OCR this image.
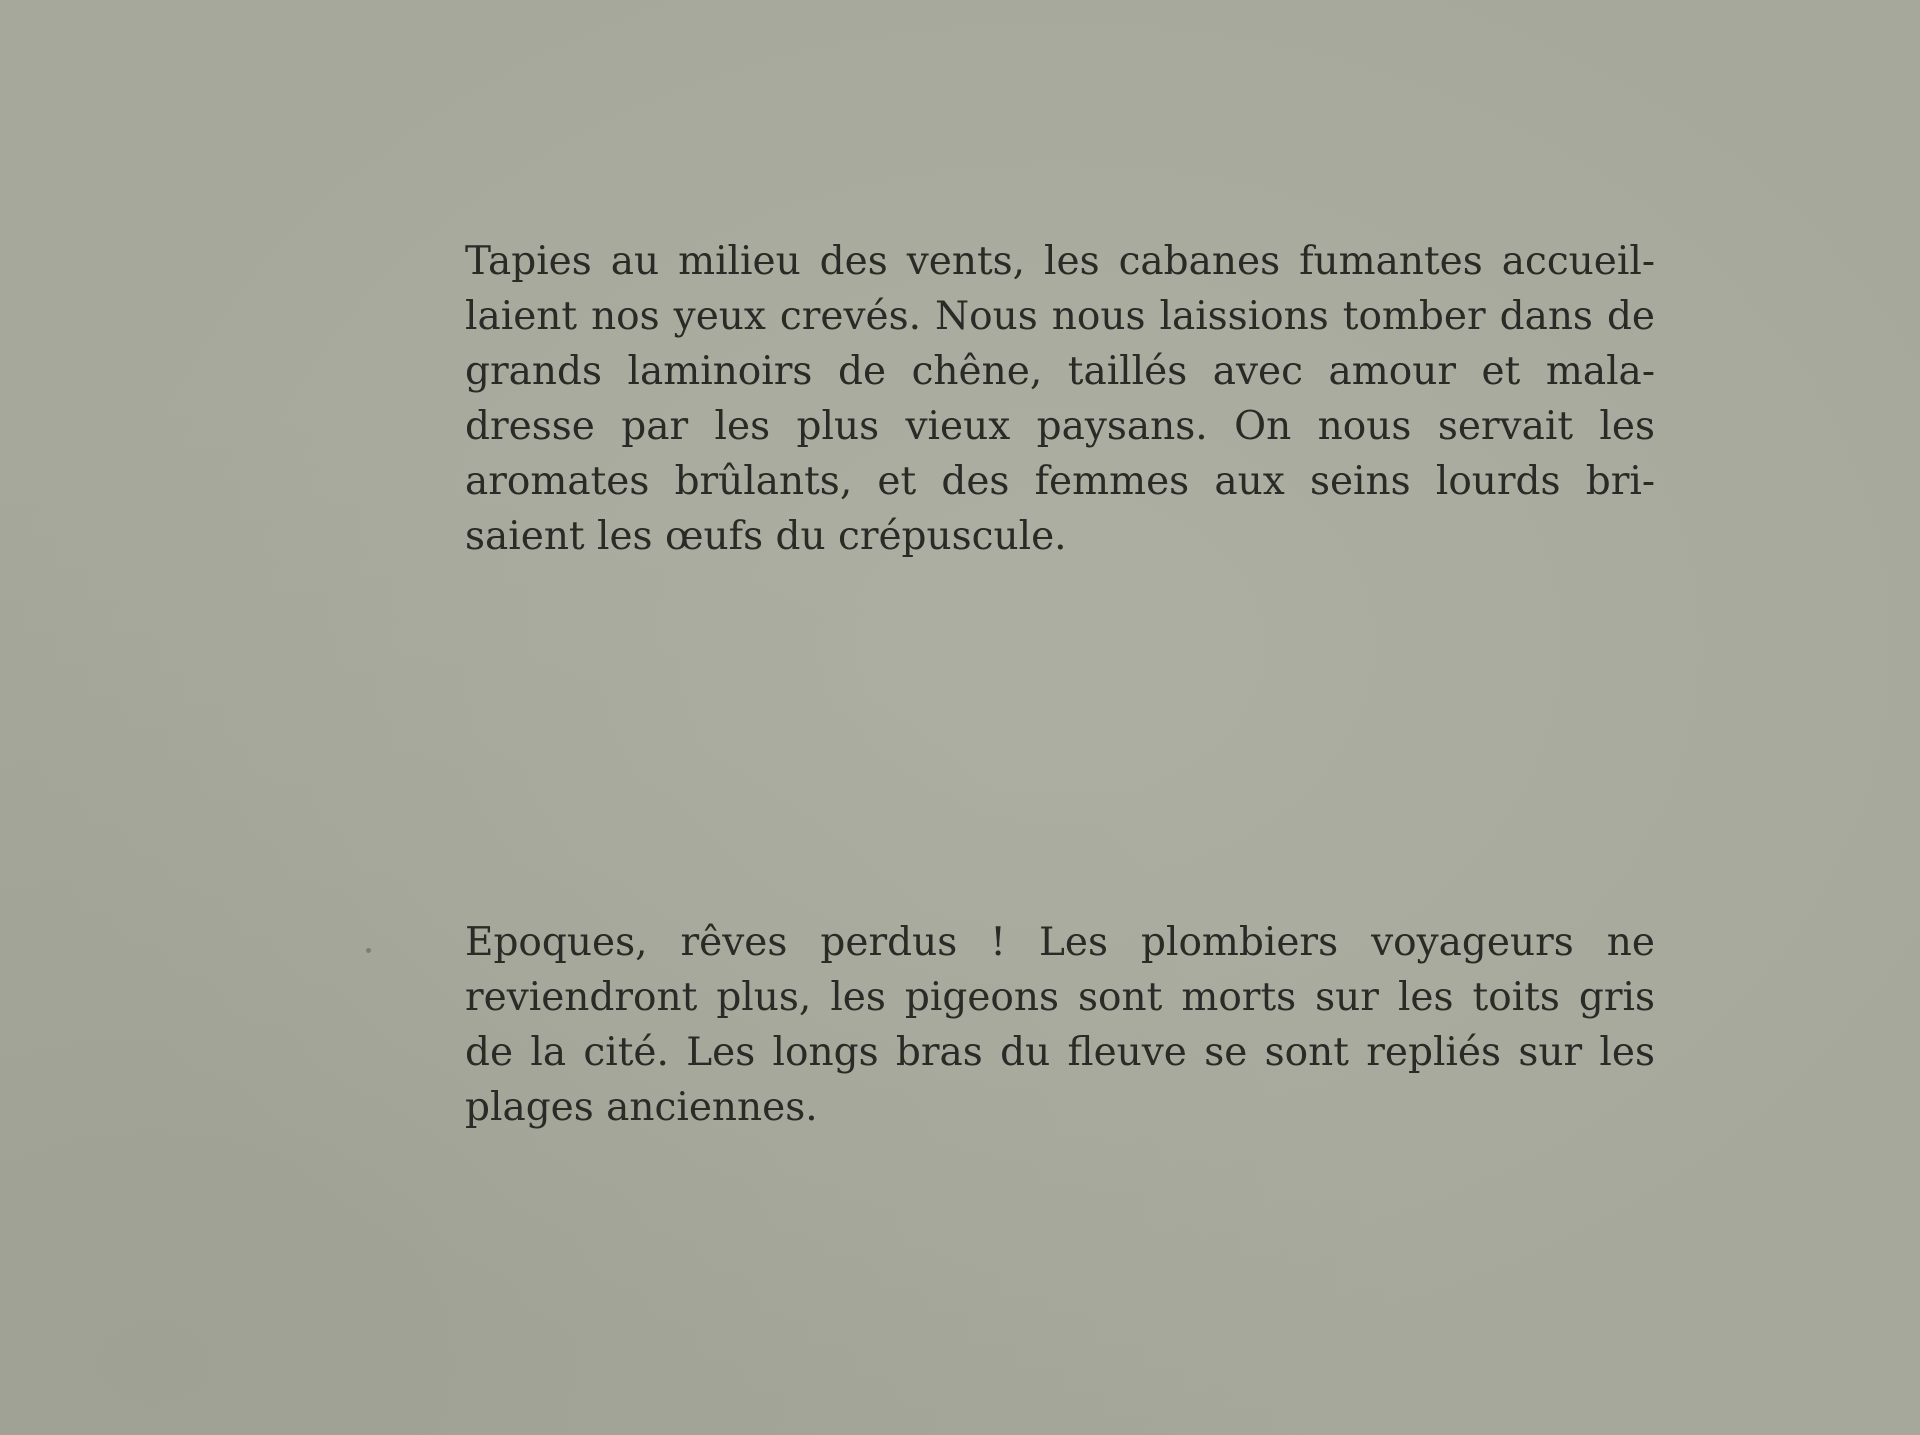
Tapies au milieu des vents, les cabanes fumantes accueil-
laient nos yeux crevés. Nous nous laissions tomber dans de
grands laminoirs de chêne, taillés avec amour et mala-
dresse par les plus vieux paysans. On nous servait les
aromates brûlants, et des femmes aux seins lourds bri-
saient les œufs du crépuscule.
Epoques, rêves perdus ! Les plombiers voyageurs ne
reviendront plus, les pigeons sont morts sur les toits gris
de la cité. Les longs bras du fleuve se sont repliés sur les
plages anciennes.
